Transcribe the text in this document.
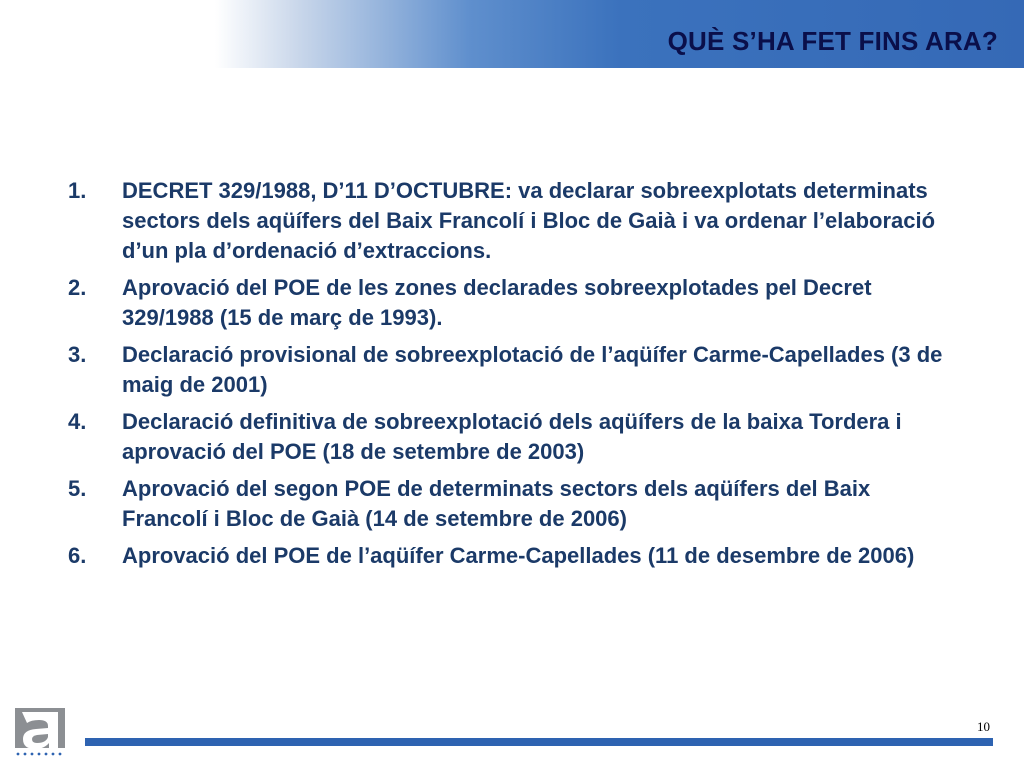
QUÈ S’HA FET FINS ARA?
1.	DECRET 329/1988, D’11 D’OCTUBRE: va declarar sobreexplotats determinats sectors dels aqüífers del Baix Francolí i Bloc de Gaià i va ordenar l’elaboració d’un pla d’ordenació d’extraccions.
2.	Aprovació del POE de les zones declarades sobreexplotades pel Decret 329/1988 (15 de març de 1993).
3.	Declaració provisional de sobreexplotació de l’aqüífer Carme-Capellades (3 de maig de 2001)
4.	Declaració definitiva de sobreexplotació dels aqüífers de la baixa Tordera i aprovació del POE (18 de setembre de 2003)
5.	Aprovació del segon POE de determinats sectors dels aqüífers del Baix Francolí i Bloc de Gaià (14 de setembre de 2006)
6.	Aprovació del POE de l’aqüífer Carme-Capellades (11 de desembre de 2006)
10
